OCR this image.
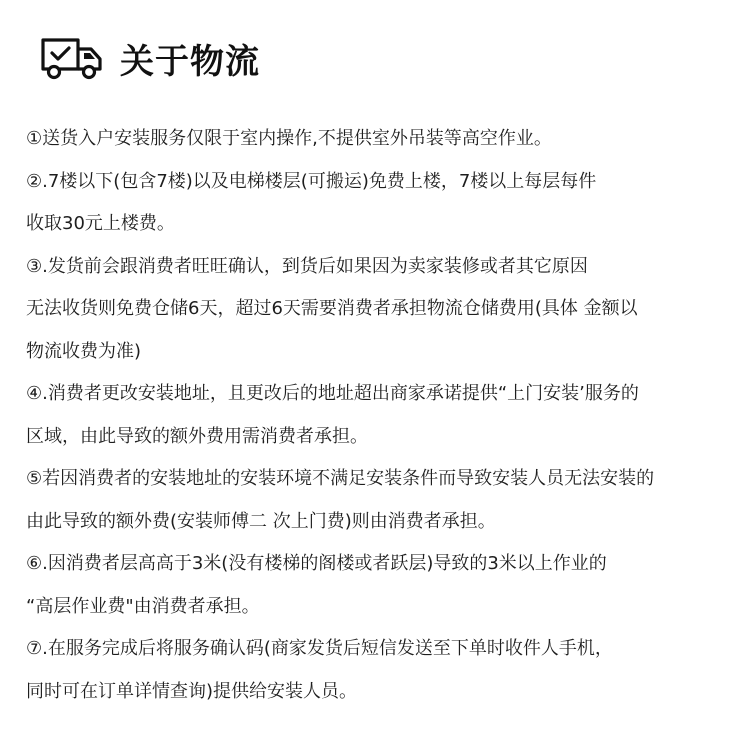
关于物流
①送货入户安装服务仅限于室内操作,不提供室外吊装等高空作业。
②.7楼以下(包含7楼)以及电梯楼层(可搬运)免费上楼，7楼以上每层每件
收取30元上楼费。
③.发货前会跟消费者旺旺确认，到货后如果因为卖家装修或者其它原因
无法收货则免费仓储6天，超过6天需要消费者承担物流仓储费用(具体 金额以
物流收费为准)
④.消费者更改安装地址，且更改后的地址超出商家承诺提供“上门安装’服务的
区域，由此导致的额外费用需消费者承担。
⑤若因消费者的安装地址的安装环境不满足安装条件而导致安装人员无法安装的
由此导致的额外费(安装师傅二 次上门费)则由消费者承担。
⑥.因消费者层高高于3米(没有楼梯的阁楼或者跃层)导致的3米以上作业的
“高层作业费"由消费者承担。
⑦.在服务完成后将服务确认码(商家发货后短信发送至下单时收件人手机，
同时可在订单详情查询)提供给安装人员。
